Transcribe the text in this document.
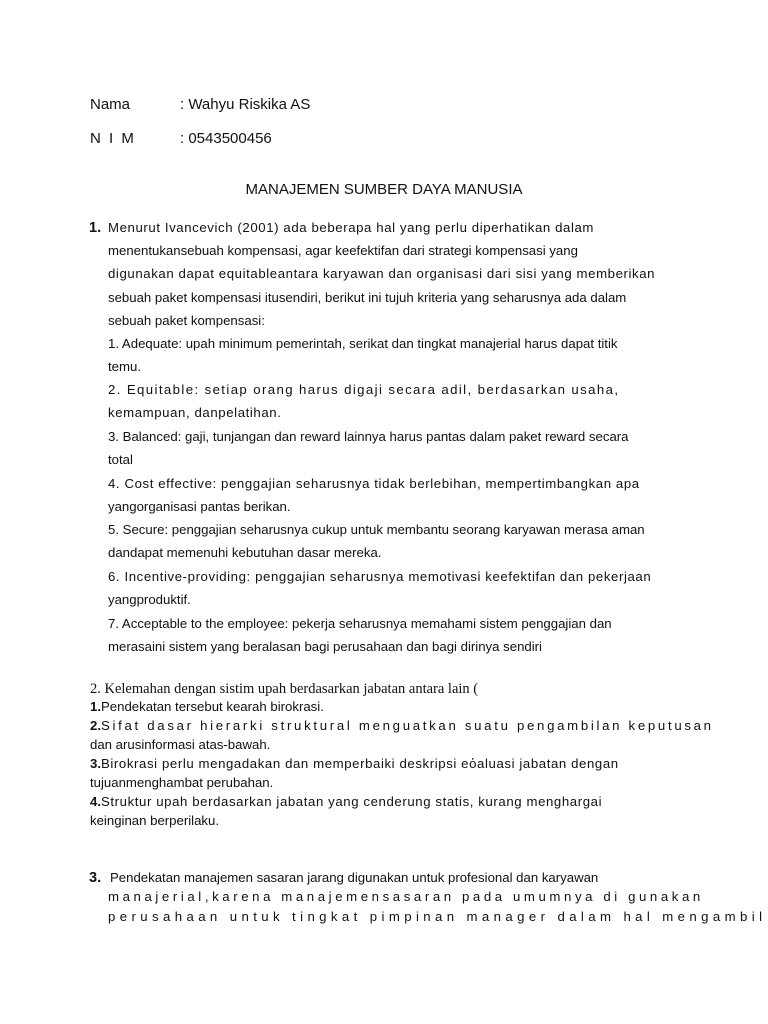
Nama	: Wahyu Riskika AS
N I M	: 0543500456
MANAJEMEN SUMBER DAYA MANUSIA
1. Menurut Ivancevich (2001) ada beberapa hal yang perlu diperhatikan dalam
menentukansebuah kompensasi, agar keefektifan dari strategi kompensasi yang
digunakan dapat equitableantara karyawan dan organisasi dari sisi yang memberikan
sebuah paket kompensasi itusendiri, berikut ini tujuh kriteria yang seharusnya ada dalam
sebuah paket kompensasi:
1. Adequate: upah minimum pemerintah, serikat dan tingkat manajerial harus dapat titik
temu.
2. Equitable: setiap orang harus digaji secara adil, berdasarkan usaha,
kemampuan, danpelatihan.
3. Balanced: gaji, tunjangan dan reward lainnya harus pantas dalam paket reward secara
total
4. Cost effective: penggajian seharusnya tidak berlebihan, mempertimbangkan apa
yangorganisasi pantas berikan.
5. Secure: penggajian seharusnya cukup untuk membantu seorang karyawan merasa aman
dandapat memenuhi kebutuhan dasar mereka.
6. Incentive-providing: penggajian seharusnya memotivasi keefektifan dan pekerjaan
yangproduktif.
7. Acceptable to the employee: pekerja seharusnya memahami sistem penggajian dan
merasaini sistem yang beralasan bagi perusahaan dan bagi dirinya sendiri
2. Kelemahan dengan sistim upah berdasarkan jabatan antara lain (
1.Pendekatan tersebut kearah birokrasi.
2.Sifat dasar hierarki struktural menguatkan suatu pengambilan keputusan
dan arusinformasi atas-bawah.
3.Birokrasi perlu mengadakan dan memperbaiki deskripsi eὁaluasi jabatan dengan
tujuanmenghambat perubahan.
4.Struktur upah berdasarkan jabatan yang cenderung statis, kurang menghargai
keinginan berperilaku.
3. Pendekatan manajemen sasaran jarang digunakan untuk profesional dan karyawan
manajerial,karena manajemensasaran pada umumnya di gunakan
perusahaan untuk tingkat pimpinan manager dalam hal mengambil
